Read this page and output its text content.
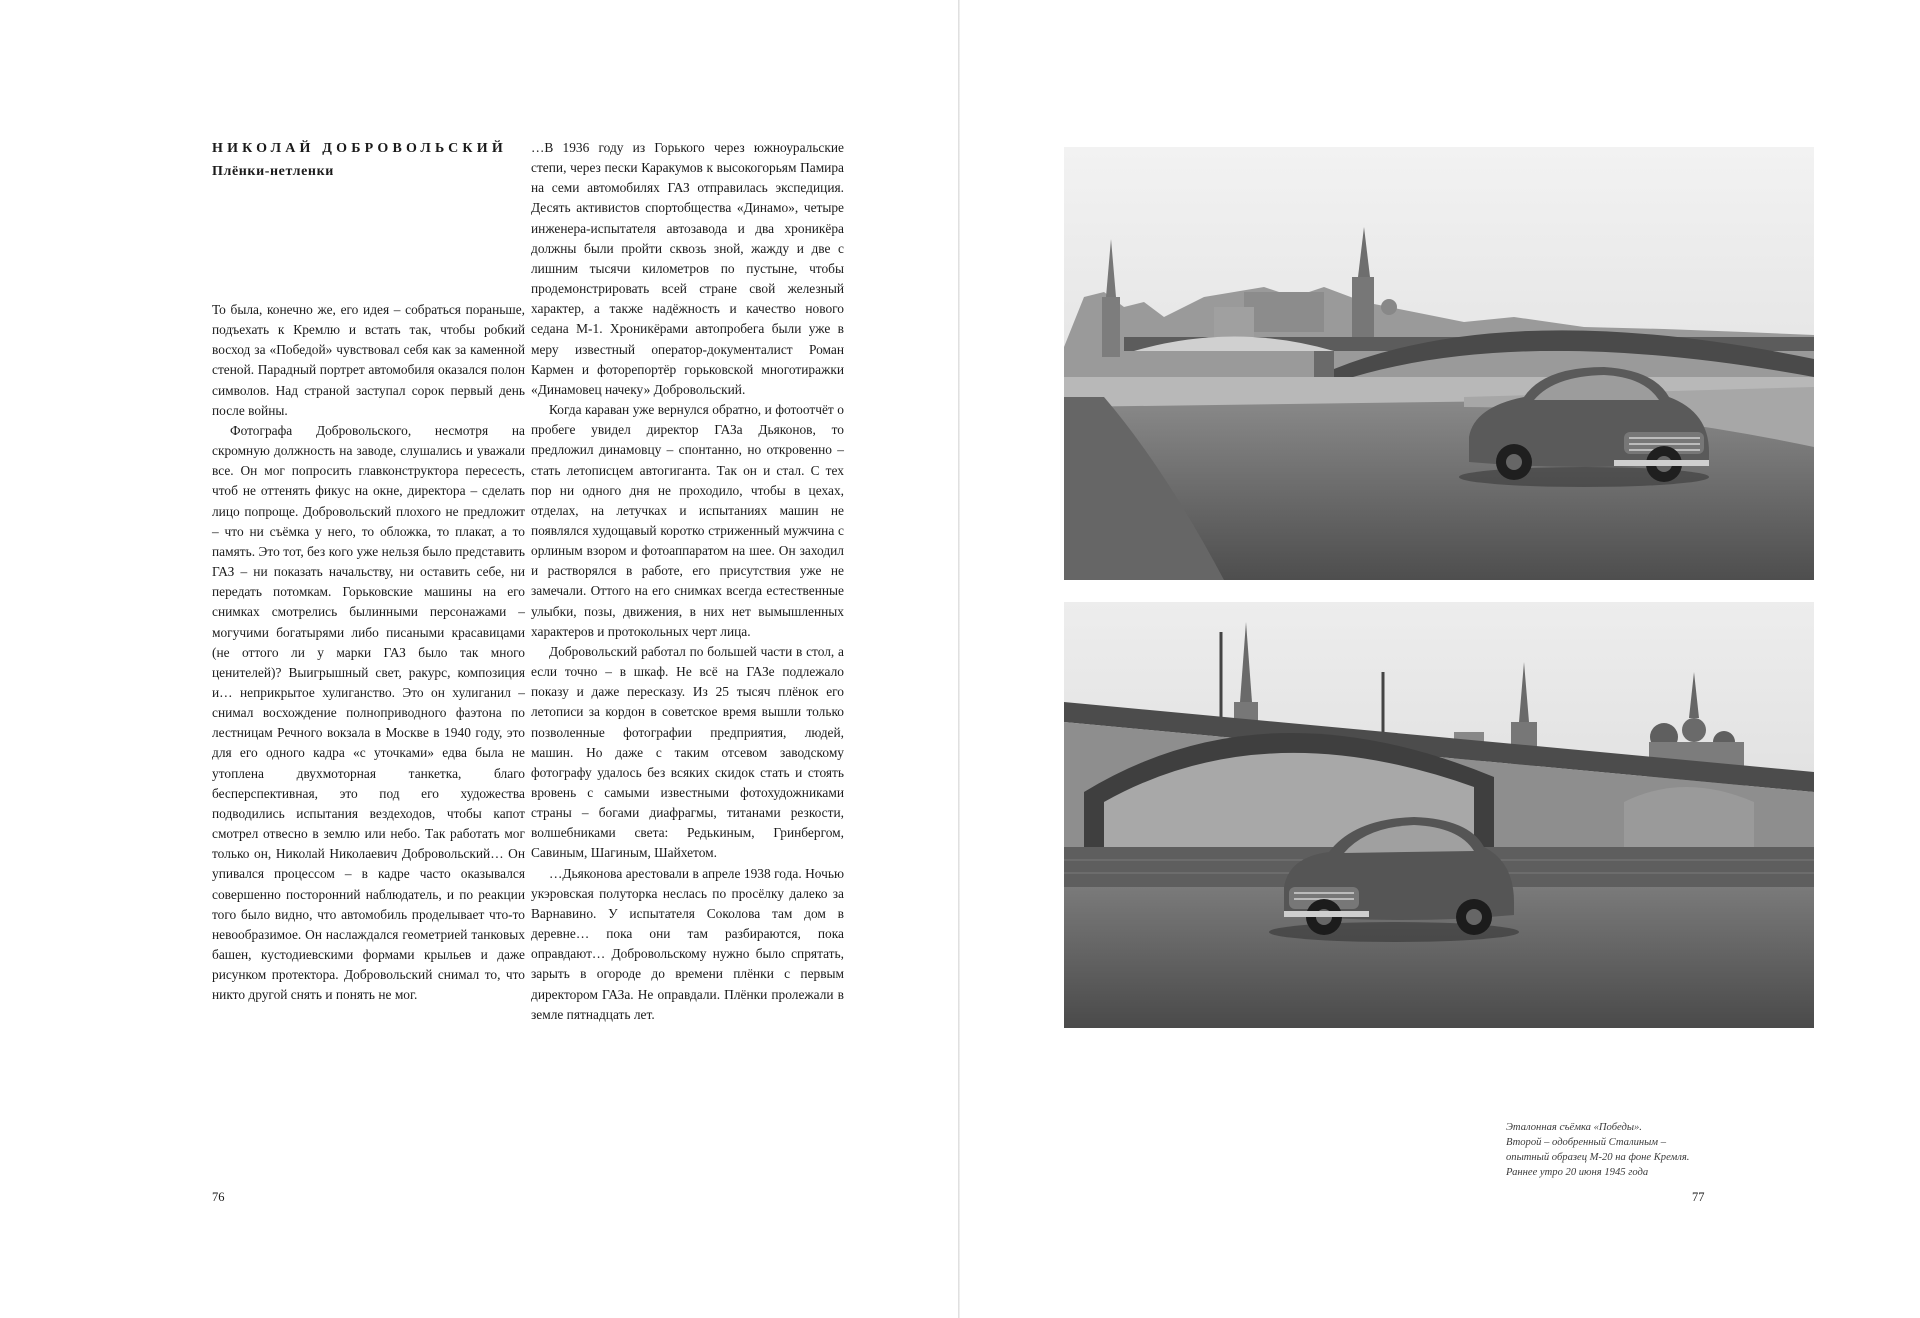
НИКОЛАЙ ДОБРОВОЛЬСКИЙ
Плёнки-нетленки

То была, конечно же, его идея – собраться пораньше, подъехать к Кремлю и встать так, чтобы робкий восход за «Победой» чувствовал себя как за каменной стеной. Парадный портрет автомобиля оказался полон символов. Над страной заступал сорок первый день после войны.

Фотографа Добровольского, несмотря на скромную должность на заводе, слушались и уважали все. Он мог попросить главконструктора пересесть, чтоб не оттенять фикус на окне, директора – сделать лицо попроще. Добровольский плохого не предложит – что ни съёмка у него, то обложка, то плакат, а то память. Это тот, без кого уже нельзя было представить ГАЗ – ни показать начальству, ни оставить себе, ни передать потомкам. Горьковские машины на его снимках смотрелись былинными персонажами – могучими богатырями либо писаными красавицами (не оттого ли у марки ГАЗ было так много ценителей)? Выигрышный свет, ракурс, композиция и… неприкрытое хулиганство. Это он хулиганил – снимал восхождение полноприводного фаэтона по лестницам Речного вокзала в Москве в 1940 году, это для его одного кадра «с уточками» едва была не утоплена двухмоторная танкетка, благо бесперспективная, это под его художества подводились испытания вездеходов, чтобы капот смотрел отвесно в землю или небо. Так работать мог только он, Николай Николаевич Добровольский… Он упивался процессом – в кадре часто оказывался совершенно посторонний наблюдатель, и по реакции того было видно, что автомобиль проделывает что-то невообразимое. Он наслаждался геометрией танковых башен, кустодиевскими формами крыльев и даже рисунком протектора. Добровольский снимал то, что никто другой снять и понять не мог.

…В 1936 году из Горького через южноуральские степи, через пески Каракумов к высокогорьям Памира на семи автомобилях ГАЗ отправилась экспедиция. Десять активистов спортобщества «Динамо», четыре инженера-испытателя автозавода и два хроникёра должны были пройти сквозь зной, жажду и две с лишним тысячи километров по пустыне, чтобы продемонстрировать всей стране свой железный характер, а также надёжность и качество нового седана М-1. Хроникёрами автопробега были уже в меру известный оператор-документалист Роман Кармен и фоторепортёр горьковской многотиражки «Динамовец начеку» Добровольский.

Когда караван уже вернулся обратно, и фотоотчёт о пробеге увидел директор ГАЗа Дьяконов, то предложил динамовцу – спонтанно, но откровенно – стать летописцем автогиганта. Так он и стал. С тех пор ни одного дня не проходило, чтобы в цехах, отделах, на летучках и испытаниях машин не появлялся худощавый коротко стриженный мужчина с орлиным взором и фотоаппаратом на шее. Он заходил и растворялся в работе, его присутствия уже не замечали. Оттого на его снимках всегда естественные улыбки, позы, движения, в них нет вымышленных характеров и протокольных черт лица.

Добровольский работал по большей части в стол, а если точно – в шкаф. Не всё на ГАЗе подлежало показу и даже пересказу. Из 25 тысяч плёнок его летописи за кордон в советское время вышли только позволенные фотографии предприятия, людей, машин. Но даже с таким отсевом заводскому фотографу удалось без всяких скидок стать и стоять вровень с самыми известными фотохудожниками страны – богами диафрагмы, титанами резкости, волшебниками света: Редькиным, Гринбергом, Савиным, Шагиным, Шайхетом.

…Дьяконова арестовали в апреле 1938 года. Ночью укэровская полуторка неслась по просёлку далеко за Варнавино. У испытателя Соколова там дом в деревне… пока они там разбираются, пока оправдают… Добровольскому нужно было спрятать, зарыть в огороде до времени плёнки с первым директором ГАЗа. Не оправдали. Плёнки пролежали в земле пятнадцать лет.

76
Эталонная съёмка «Победы».
Второй – одобренный Сталиным –
опытный образец М-20 на фоне Кремля.
Раннее утро 20 июня 1945 года
77
